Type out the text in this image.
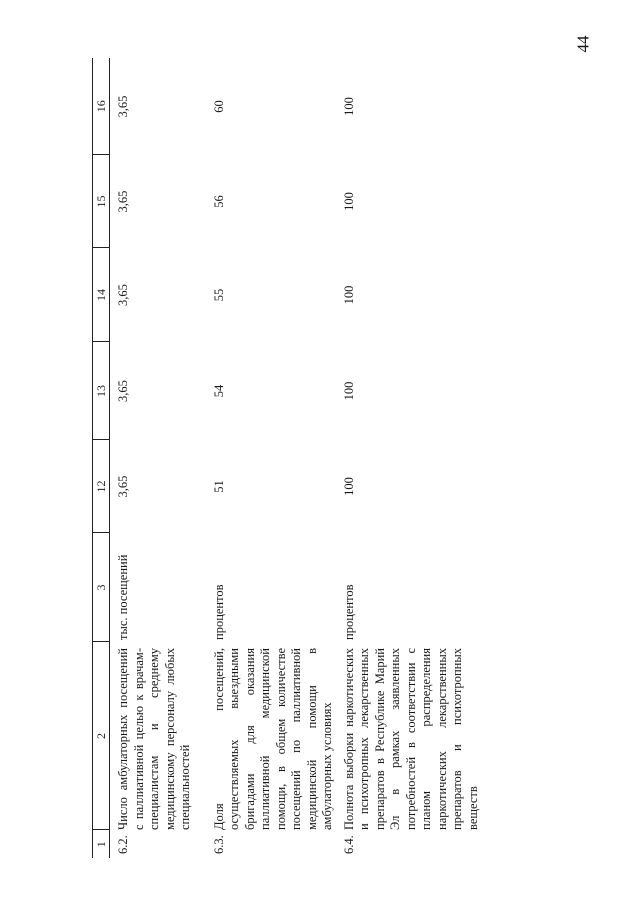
44
1	2	3	12	13	14	15	16
6.2.	Число амбулаторных посещений с паллиативной целью к врачам-специалистам и среднему медицинскому персоналу любых специальностей	тыс. посещений	3,65	3,65	3,65	3,65	3,65
6.3.	Доля посещений, осуществляемых выездными бригадами для оказания паллиативной медицинской помощи, в общем количестве посещений по паллиативной медицинской помощи в амбулаторных условиях	процентов	51	54	55	56	60
6.4.	Полнота выборки наркотических и психотропных лекарственных препаратов в Республике Марий Эл в рамках заявленных потребностей в соответствии с планом распределения наркотических лекарственных препаратов и психотропных веществ	процентов	100	100	100	100	100
